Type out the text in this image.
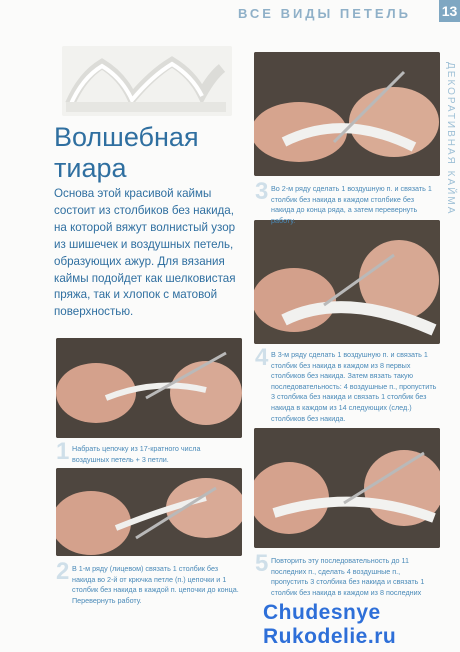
ВСЕ ВИДЫ ПЕТЕЛЬ 13
ДЕКОРАТИВНАЯ КАЙМА
Волшебная
тиара
Основа этой красивой каймы состоит из столбиков без накида, на которой вяжут волнистый узор из шишечек и воздушных петель, образующих ажур. Для вязания каймы подойдет как шелковистая пряжа, так и хлопок с матовой поверхностью.
3 Во 2-м ряду сделать 1 воздушную п. и связать 1 столбик без накида в каждом столбике без накида до конца ряда, а затем перевернуть работу.
4 В 3-м ряду сделать 1 воздушную п. и связать 1 столбик без накида в каждом из 8 первых столбиков без накида. Затем вязать такую последовательность: 4 воздушные п., пропустить 3 столбика без накида и связать 1 столбик без накида в каждом из 14 следующих (след.) столбиков без накида.
1 Набрать цепочку из 17-кратного числа воздушных петель + 3 петли.
5 Повторить эту последовательность до 11 последних п., сделать 4 воздушные п., пропустить 3 столбика без накида и связать 1 столбик без накида в каждом из 8 последних
2 В 1-м ряду (лицевом) связать 1 столбик без накида во 2-й от крючка петле (п.) цепочки и 1 столбик без накида в каждой п. цепочки до конца. Перевернуть работу.
Chudesnye Rukodelie.ru
